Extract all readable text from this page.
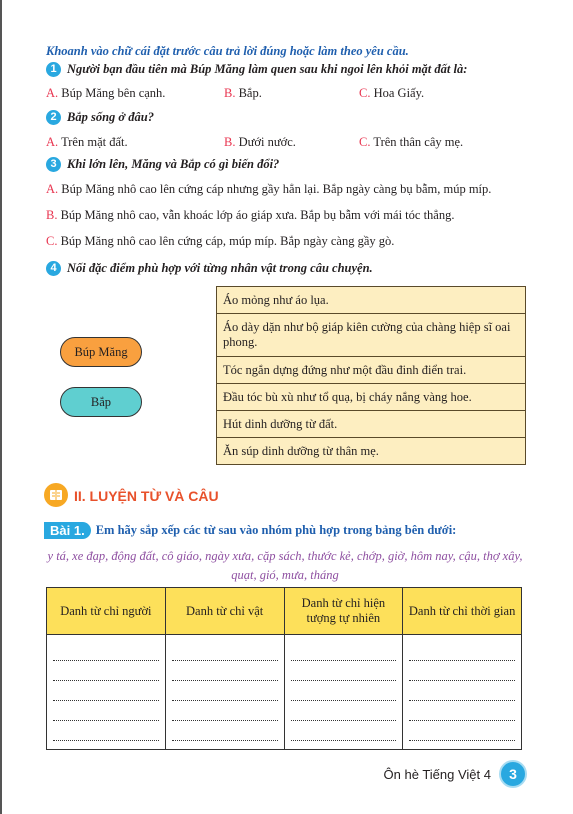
Khoanh vào chữ cái đặt trước câu trả lời đúng hoặc làm theo yêu cầu.
1 Người bạn đầu tiên mà Búp Măng làm quen sau khi ngoi lên khỏi mặt đất là:
A. Búp Măng bên cạnh.	B. Bắp.	C. Hoa Giấy.
2 Bắp sống ở đâu?
A. Trên mặt đất.	B. Dưới nước.	C. Trên thân cây mẹ.
3 Khi lớn lên, Măng và Bắp có gì biến đổi?
A. Búp Măng nhô cao lên cứng cáp nhưng gầy hẳn lại. Bắp ngày càng bụ bẫm, múp míp.
B. Búp Măng nhô cao, vẫn khoác lớp áo giáp xưa. Bắp bụ bẫm với mái tóc thẳng.
C. Búp Măng nhô cao lên cứng cáp, múp míp. Bắp ngày càng gầy gò.
4 Nối đặc điểm phù hợp với từng nhân vật trong câu chuyện.
Búp Măng
Bắp
Áo mỏng như áo lụa.
Áo dày dặn như bộ giáp kiên cường của chàng hiệp sĩ oai phong.
Tóc ngắn dựng đứng như một đầu đinh điển trai.
Đầu tóc bù xù như tổ quạ, bị cháy nắng vàng hoe.
Hút dinh dưỡng từ đất.
Ăn súp dinh dưỡng từ thân mẹ.
II. LUYỆN TỪ VÀ CÂU
Bài 1. Em hãy sắp xếp các từ sau vào nhóm phù hợp trong bảng bên dưới:
y tá, xe đạp, động đất, cô giáo, ngày xưa, cặp sách, thước kẻ, chớp, giờ, hôm nay, cậu, thợ xây, quạt, gió, mưa, tháng
Danh từ chỉ người	Danh từ chỉ vật	Danh từ chỉ hiện tượng tự nhiên	Danh từ chỉ thời gian

Ôn hè Tiếng Việt 4	3
